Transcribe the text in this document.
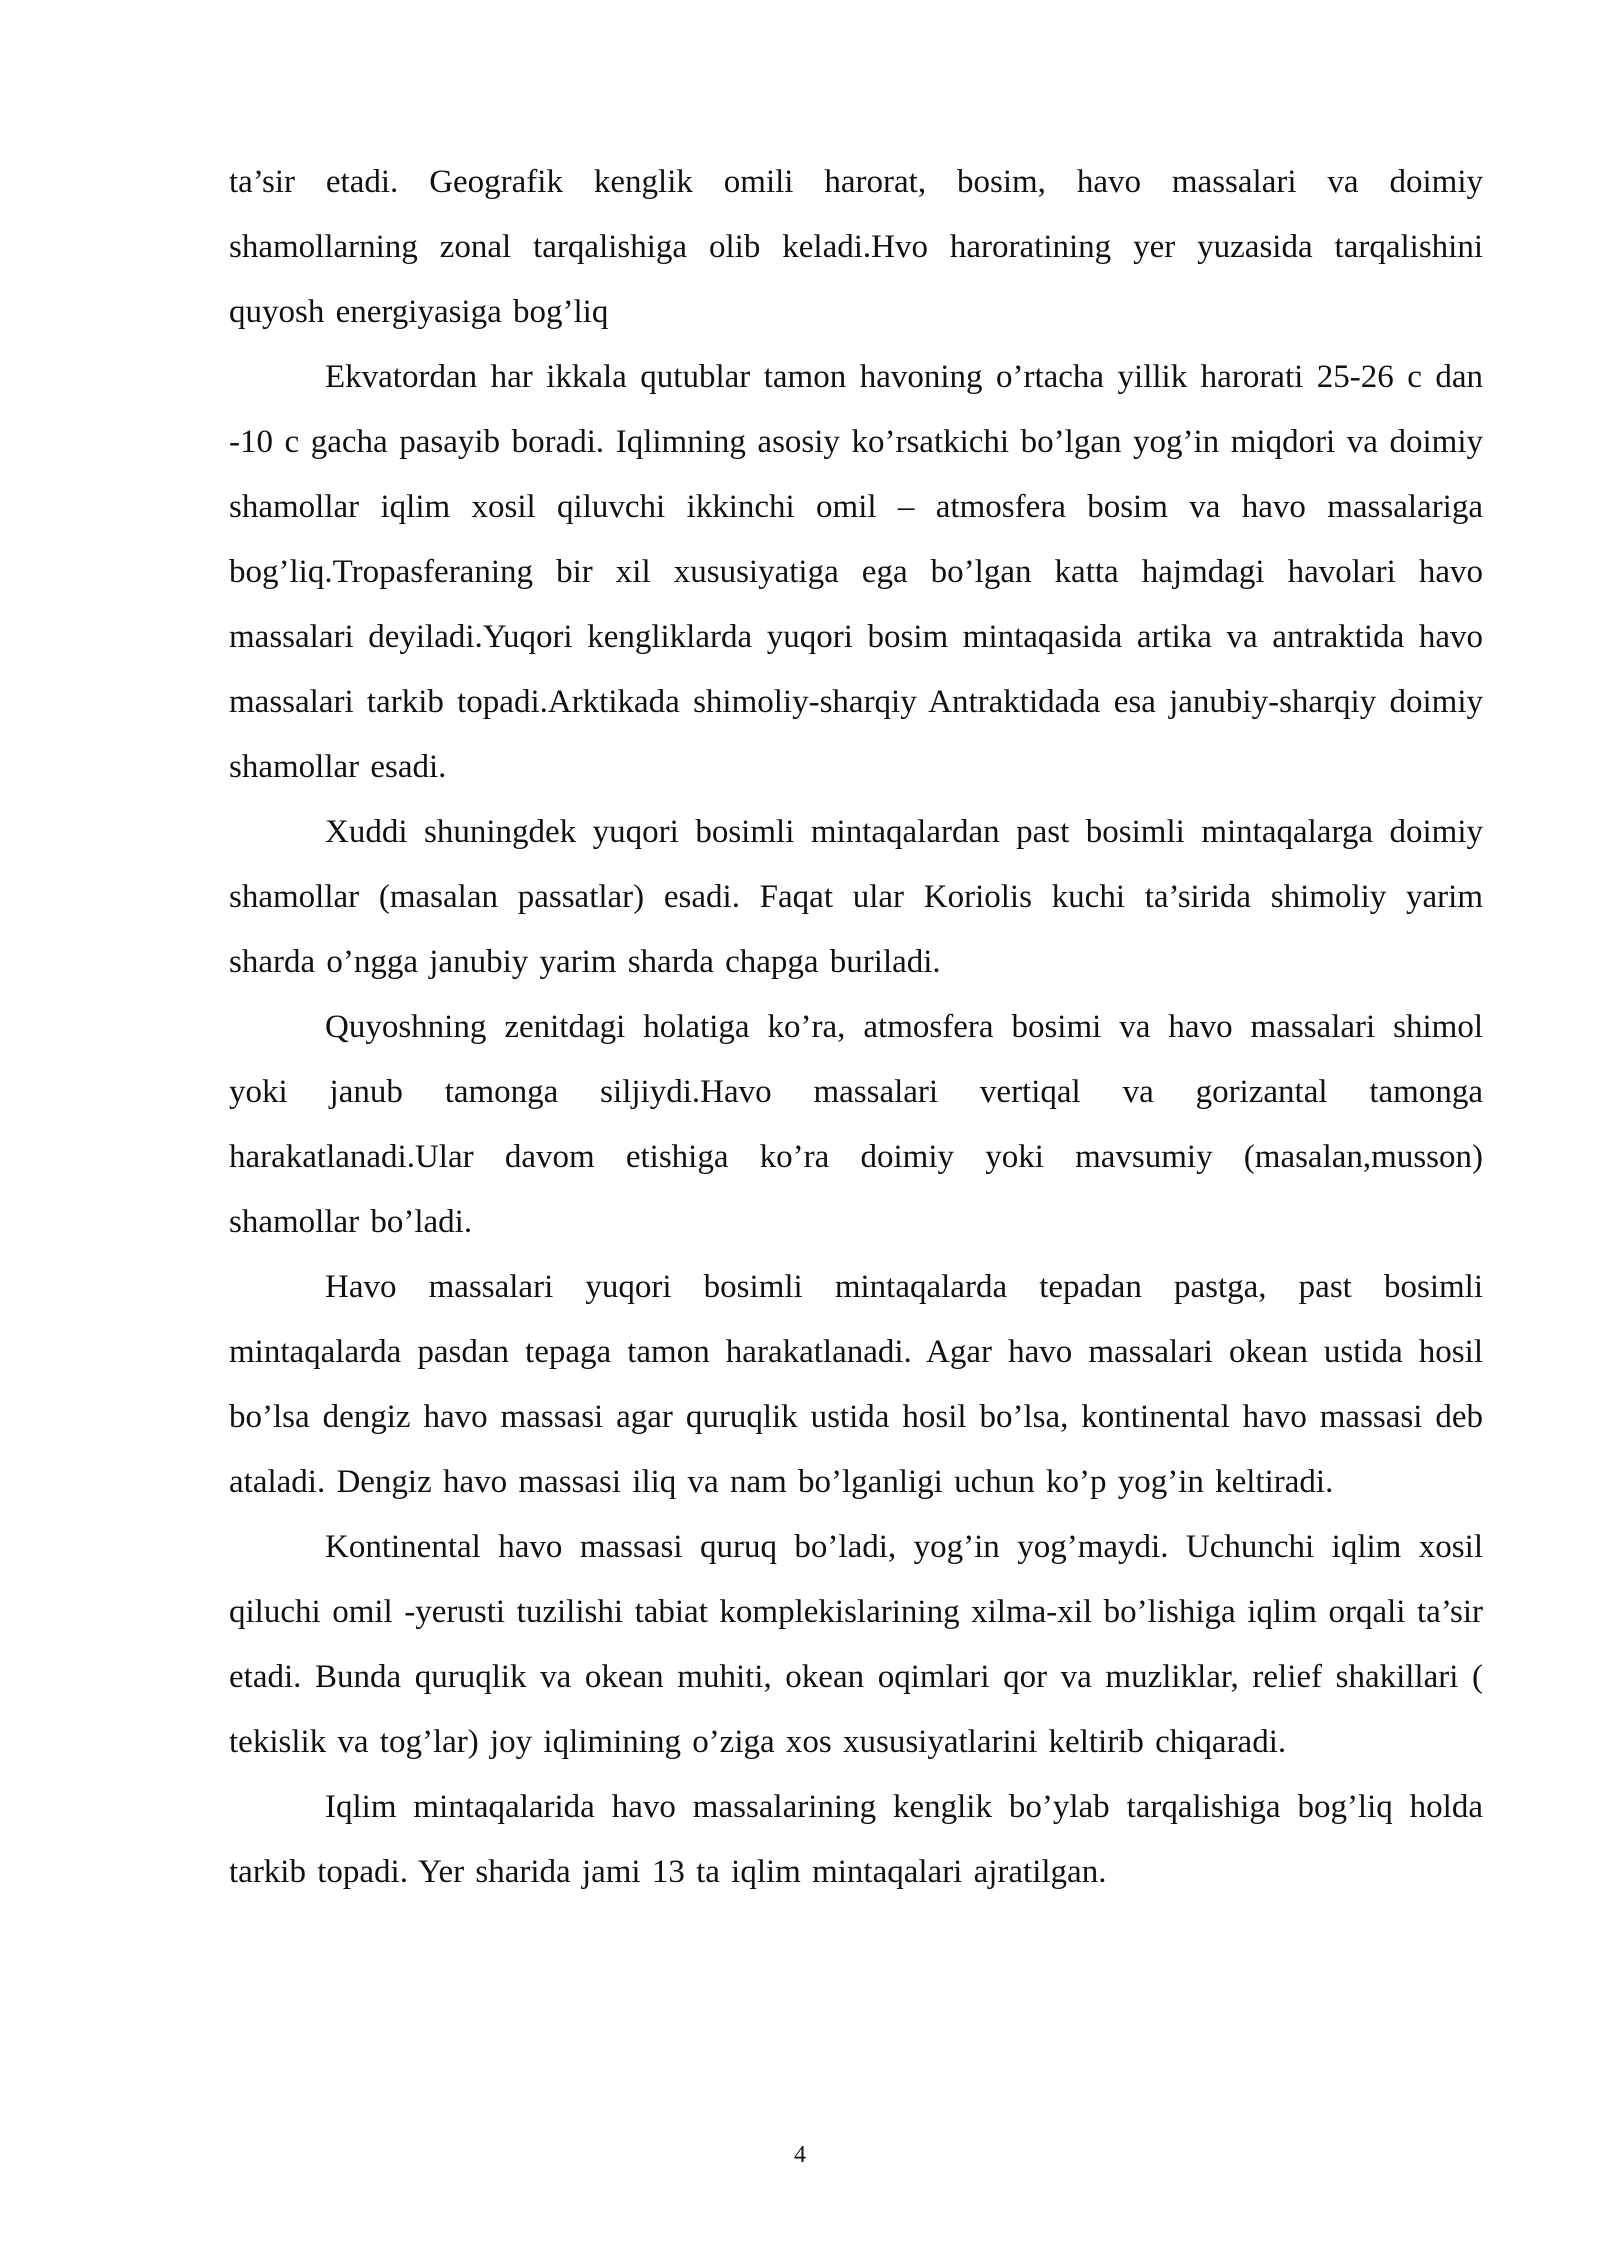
ta’sir etadi. Geografik kenglik omili harorat, bosim, havo massalari va doimiy shamollarning zonal tarqalishiga olib keladi.Hvo haroratining yer yuzasida tarqalishini quyosh energiyasiga bog’liq

Ekvatordan har ikkala qutublar tamon havoning o’rtacha yillik harorati 25-26 c dan -10 c gacha pasayib boradi. Iqlimning asosiy ko’rsatkichi bo’lgan yog’in miqdori va doimiy shamollar iqlim xosil qiluvchi ikkinchi omil – atmosfera bosim va havo massalariga bog’liq.Tropasferaning bir xil xususiyatiga ega bo’lgan katta hajmdagi havolari havo massalari deyiladi.Yuqori kengliklarda yuqori bosim mintaqasida artika va antraktida havo massalari tarkib topadi.Arktikada shimoliy-sharqiy Antraktidada esa janubiy-sharqiy doimiy shamollar esadi.

Xuddi shuningdek yuqori bosimli mintaqalardan past bosimli mintaqalarga doimiy shamollar (masalan passatlar) esadi. Faqat ular Koriolis kuchi ta’sirida shimoliy yarim sharda o’ngga janubiy yarim sharda chapga buriladi.

Quyoshning zenitdagi holatiga ko’ra, atmosfera bosimi va havo massalari shimol yoki janub tamonga siljiydi.Havo massalari vertiqal va gorizantal tamonga harakatlanadi.Ular davom etishiga ko’ra doimiy yoki mavsumiy (masalan,musson) shamollar bo’ladi.

Havo massalari yuqori bosimli mintaqalarda tepadan pastga, past bosimli mintaqalarda pasdan tepaga tamon harakatlanadi. Agar havo massalari okean ustida hosil bo’lsa dengiz havo massasi agar quruqlik ustida hosil bo’lsa, kontinental havo massasi deb ataladi. Dengiz havo massasi iliq va nam bo’lganligi uchun ko’p yog’in keltiradi.

Kontinental havo massasi quruq bo’ladi, yog’in yog’maydi. Uchunchi iqlim xosil qiluchi omil -yerusti tuzilishi tabiat komplekislarining xilma-xil bo’lishiga iqlim orqali ta’sir etadi. Bunda quruqlik va okean muhiti, okean oqimlari qor va muzliklar, relief shakillari ( tekislik va tog’lar) joy iqlimining o’ziga xos xususiyatlarini keltirib chiqaradi.

Iqlim mintaqalarida havo massalarining kenglik bo’ylab tarqalishiga bog’liq holda tarkib topadi. Yer sharida jami 13 ta iqlim mintaqalari ajratilgan.

4
